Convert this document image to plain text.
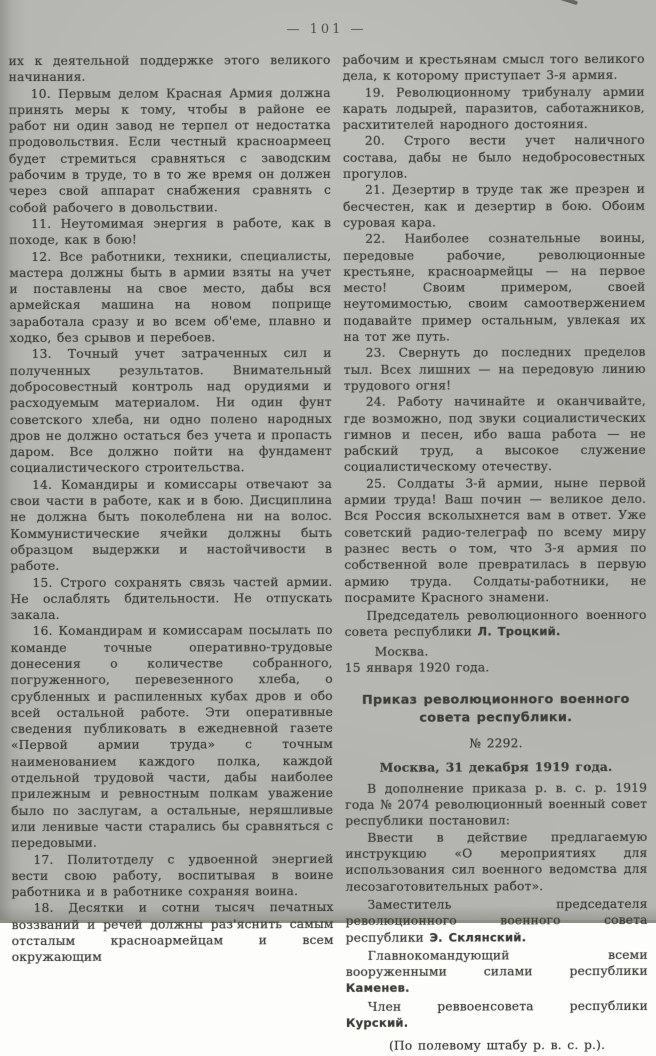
— 101 —

их к деятельной поддержке этого великого начинания.

10. Первым делом Красная Армия должна принять меры к тому, чтобы в районе ее работ ни один завод не терпел от недостатка продовольствия. Если честный красноармеец будет стремиться сравняться с заводским рабочим в труде, то в то же время он должен через свой аппарат снабжения сравнять с собой рабочего в довольствии.

11. Неутомимая энергия в работе, как в походе, как в бою!

12. Все работники, техники, специалисты, мастера должны быть в армии взяты на учет и поставлены на свое место, дабы вся армейская машина на новом поприще заработала сразу и во всем об'еме, плавно и ходко, без срывов и перебоев.

13. Точный учет затраченных сил и полученных результатов. Внимательный добросовестный контроль над орудиями и расходуемым материалом. Ни один фунт советского хлеба, ни одно полено народных дров не должно остаться без учета и пропасть даром. Все должно пойти на фундамент социалистического строительства.

14. Командиры и комиссары отвечают за свои части в работе, как и в бою. Дисциплина не должна быть поколеблена ни на волос. Коммунистические ячейки должны быть образцом выдержки и настойчивости в работе.

15. Строго сохранять связь частей армии. Не ослаблять бдительности. Не отпускать закала.

16. Командирам и комиссарам посылать по команде точные оперативно-трудовые донесения о количестве собранного, погруженного, перевезенного хлеба, о срубленных и распиленных кубах дров и обо всей остальной работе. Эти оперативные сведения публиковать в ежедневной газете «Первой армии труда» с точным наименованием каждого полка, каждой отдельной трудовой части, дабы наиболее прилежным и ревностным полкам уважение было по заслугам, а остальные, неряшливые или ленивые части старались бы сравняться с передовыми.

17. Политотделу с удвоенной энергией вести свою работу, воспитывая в воине работника и в работнике сохраняя воина.

18. Десятки и сотни тысяч печатных воззваний и речей должны раз'яснить самым отсталым красноармейцам и всем окружающим

рабочим и крестьянам смысл того великого дела, к которому приступает 3-я армия.

19. Революционному трибуналу армии карать лодырей, паразитов, саботажников, расхитителей народного достояния.

20. Строго вести учет наличного состава, дабы не было недобросовестных прогулов.

21. Дезертир в труде так же презрен и бесчестен, как и дезертир в бою. Обоим суровая кара.

22. Наиболее сознательные воины, передовые рабочие, революционные крестьяне, красноармейцы — на первое место! Своим примером, своей неутомимостью, своим самоотвержением подавайте пример остальным, увлекая их на тот же путь.

23. Свернуть до последних пределов тыл. Всех лишних — на передовую линию трудового огня!

24. Работу начинайте и оканчивайте, где возможно, под звуки социалистических гимнов и песен, ибо ваша работа — не рабский труд, а высокое служение социалистическому отечеству.

25. Солдаты 3-й армии, ныне первой армии труда! Ваш почин — великое дело. Вся Россия всколыхнется вам в ответ. Уже советский радио-телеграф по всему миру разнес весть о том, что 3-я армия по собственной воле превратилась в первую армию труда. Солдаты-работники, не посрамите Красного знамени.

Председатель революционного военного совета республики Л. Троцкий.

Москва.

15 января 1920 года.

Приказ революционного военного совета республики.

№ 2292.

Москва, 31 декабря 1919 года.

В дополнение приказа р. в. с. р. 1919 года № 2074 революционный военный совет республики постановил:

Ввести в действие предлагаемую инструкцию «О мероприятиях для использования сил военного ведомства для лесозаготовительных работ».

Заместитель председателя революционного военного совета республики Э. Склянский.

Главнокомандующий всеми вооруженными силами республики Каменев.

Член реввоенсовета республики Курский.

(По полевому штабу р. в. с. р.).
